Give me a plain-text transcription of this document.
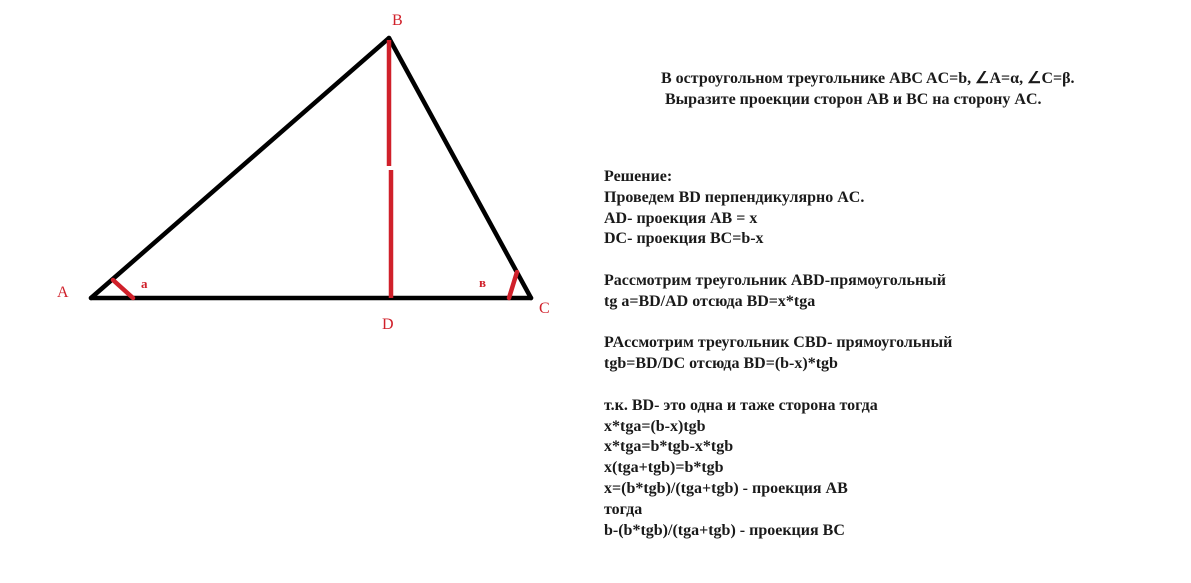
A
B
C
D
a	в
В остроугольном треугольнике ABC AC=b, ∠A=α, ∠C=β.
Выразите проекции сторон AB и BC на сторону AC.
Решение:
Проведем BD перпендикулярно AC.
AD- проекция AB = x
DC- проекция BC=b-x
Рассмотрим треугольник ABD-прямоугольный
tg a=BD/AD отсюда BD=x*tga
PAссмотрим треугольник CBD- прямоугольный
tgb=BD/DC отсюда BD=(b-x)*tgb
т.к. BD- это одна и таже сторона тогда
x*tga=(b-x)tgb
x*tga=b*tgb-x*tgb
x(tga+tgb)=b*tgb
x=(b*tgb)/(tga+tgb) - проекция AB
тогда
b-(b*tgb)/(tga+tgb) - проекция BC
